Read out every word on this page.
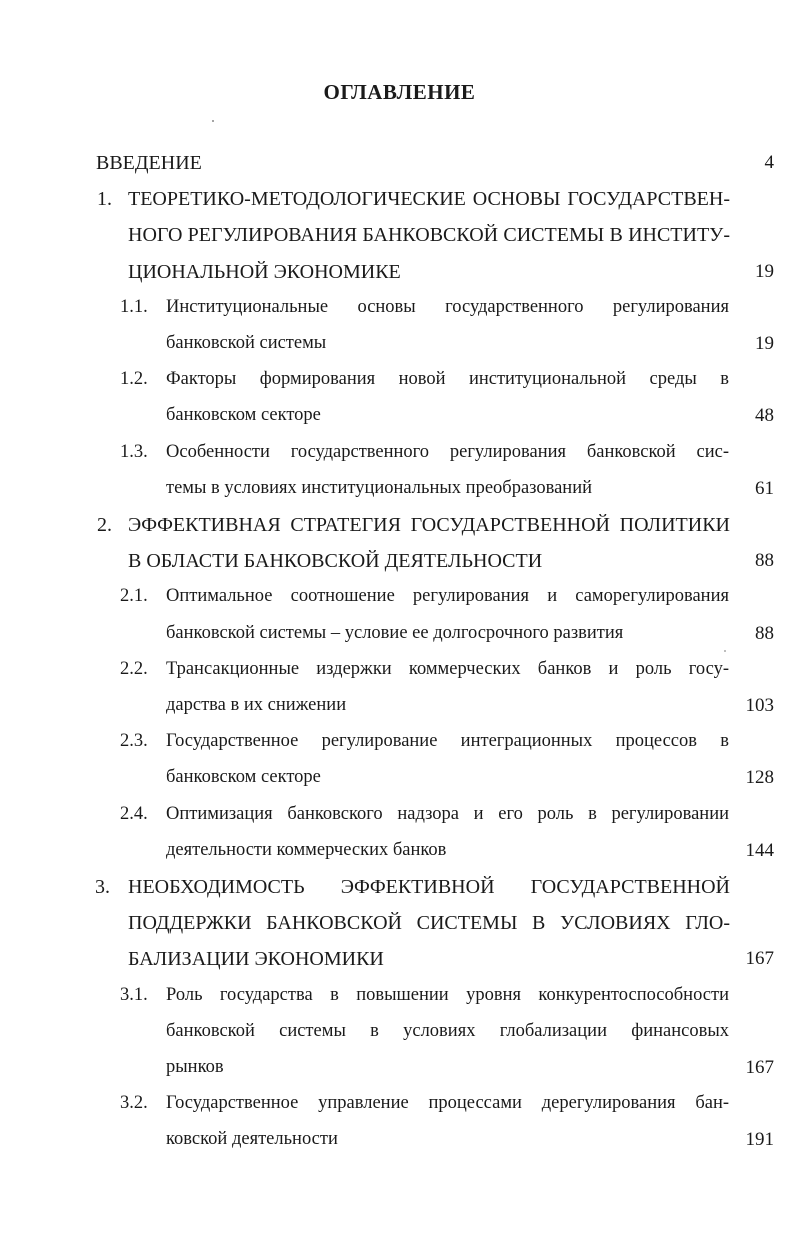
ОГЛАВЛЕНИЕ
ВВЕДЕНИЕ	4
1. ТЕОРЕТИКО-МЕТОДОЛОГИЧЕСКИЕ ОСНОВЫ ГОСУДАРСТВЕН-
НОГО РЕГУЛИРОВАНИЯ БАНКОВСКОЙ СИСТЕМЫ В ИНСТИТУ-
ЦИОНАЛЬНОЙ ЭКОНОМИКЕ	19
1.1. Институциональные основы государственного регулирования
банковской системы	19
1.2. Факторы формирования новой институциональной среды в
банковском секторе	48
1.3. Особенности государственного регулирования банковской сис-
темы в условиях институциональных преобразований	61
2. ЭФФЕКТИВНАЯ СТРАТЕГИЯ ГОСУДАРСТВЕННОЙ ПОЛИТИКИ
В ОБЛАСТИ БАНКОВСКОЙ ДЕЯТЕЛЬНОСТИ	88
2.1. Оптимальное соотношение регулирования и саморегулирования
банковской системы – условие ее долгосрочного развития	88
2.2. Трансакционные издержки коммерческих банков и роль госу-
дарства в их снижении	103
2.3. Государственное регулирование интеграционных процессов в
банковском секторе	128
2.4. Оптимизация банковского надзора и его роль в регулировании
деятельности коммерческих банков	144
3. НЕОБХОДИМОСТЬ ЭФФЕКТИВНОЙ ГОСУДАРСТВЕННОЙ
ПОДДЕРЖКИ БАНКОВСКОЙ СИСТЕМЫ В УСЛОВИЯХ ГЛО-
БАЛИЗАЦИИ ЭКОНОМИКИ	167
3.1. Роль государства в повышении уровня конкурентоспособности
банковской системы в условиях глобализации финансовых
рынков	167
3.2. Государственное управление процессами дерегулирования бан-
ковской деятельности	191
